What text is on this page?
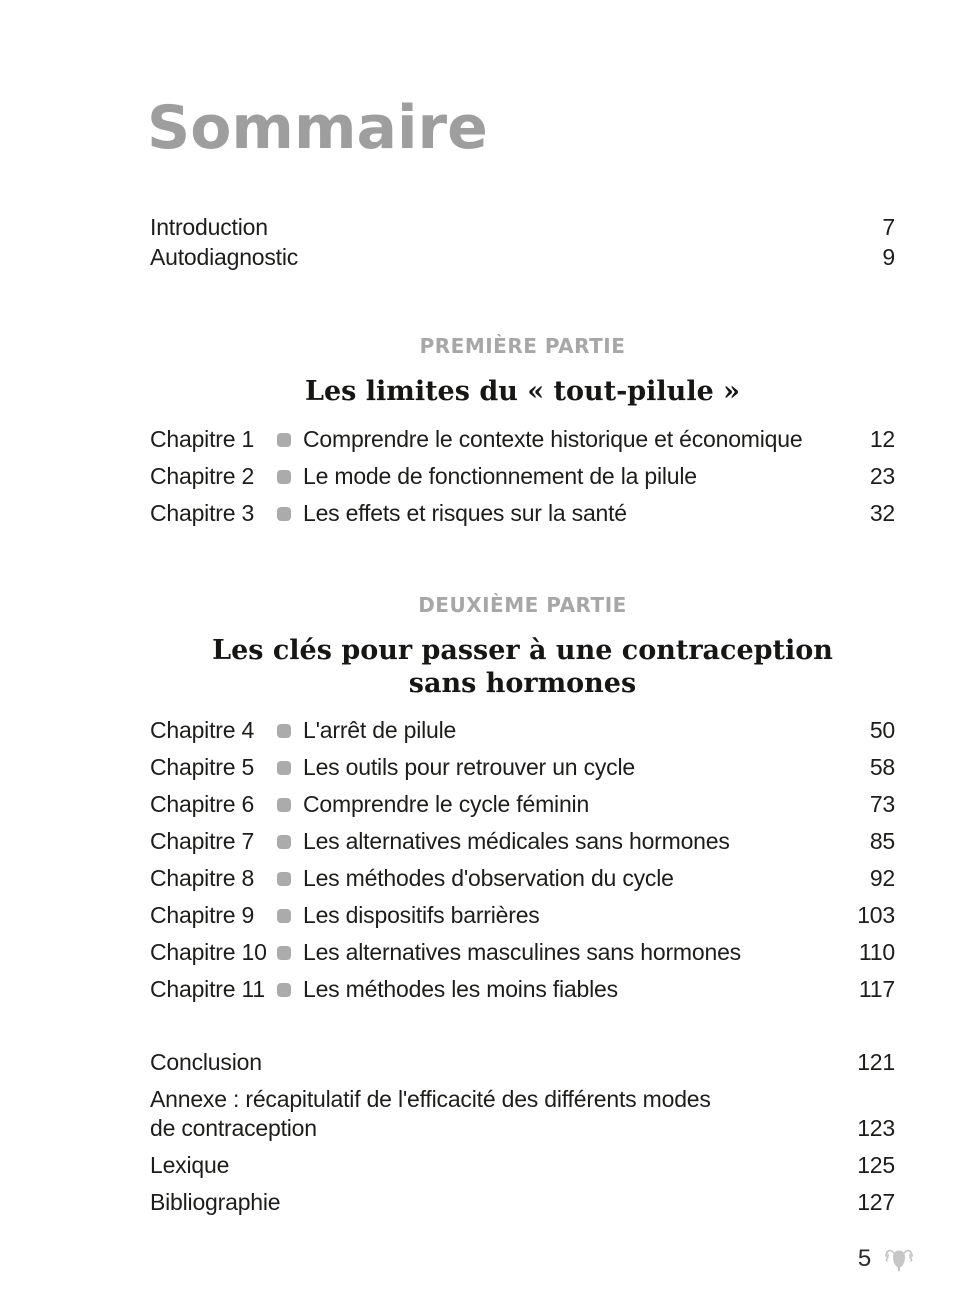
Sommaire
Introduction	7
Autodiagnostic	9
PREMIÈRE PARTIE
Les limites du « tout-pilule »
Chapitre 1	Comprendre le contexte historique et économique	12
Chapitre 2	Le mode de fonctionnement de la pilule	23
Chapitre 3	Les effets et risques sur la santé	32
DEUXIÈME PARTIE
Les clés pour passer à une contraception
sans hormones
Chapitre 4	L'arrêt de pilule	50
Chapitre 5	Les outils pour retrouver un cycle	58
Chapitre 6	Comprendre le cycle féminin	73
Chapitre 7	Les alternatives médicales sans hormones	85
Chapitre 8	Les méthodes d'observation du cycle	92
Chapitre 9	Les dispositifs barrières	103
Chapitre 10	Les alternatives masculines sans hormones	110
Chapitre 11	Les méthodes les moins fiables	117
Conclusion	121
Annexe : récapitulatif de l'efficacité des différents modes
de contraception	123
Lexique	125
Bibliographie	127
5
